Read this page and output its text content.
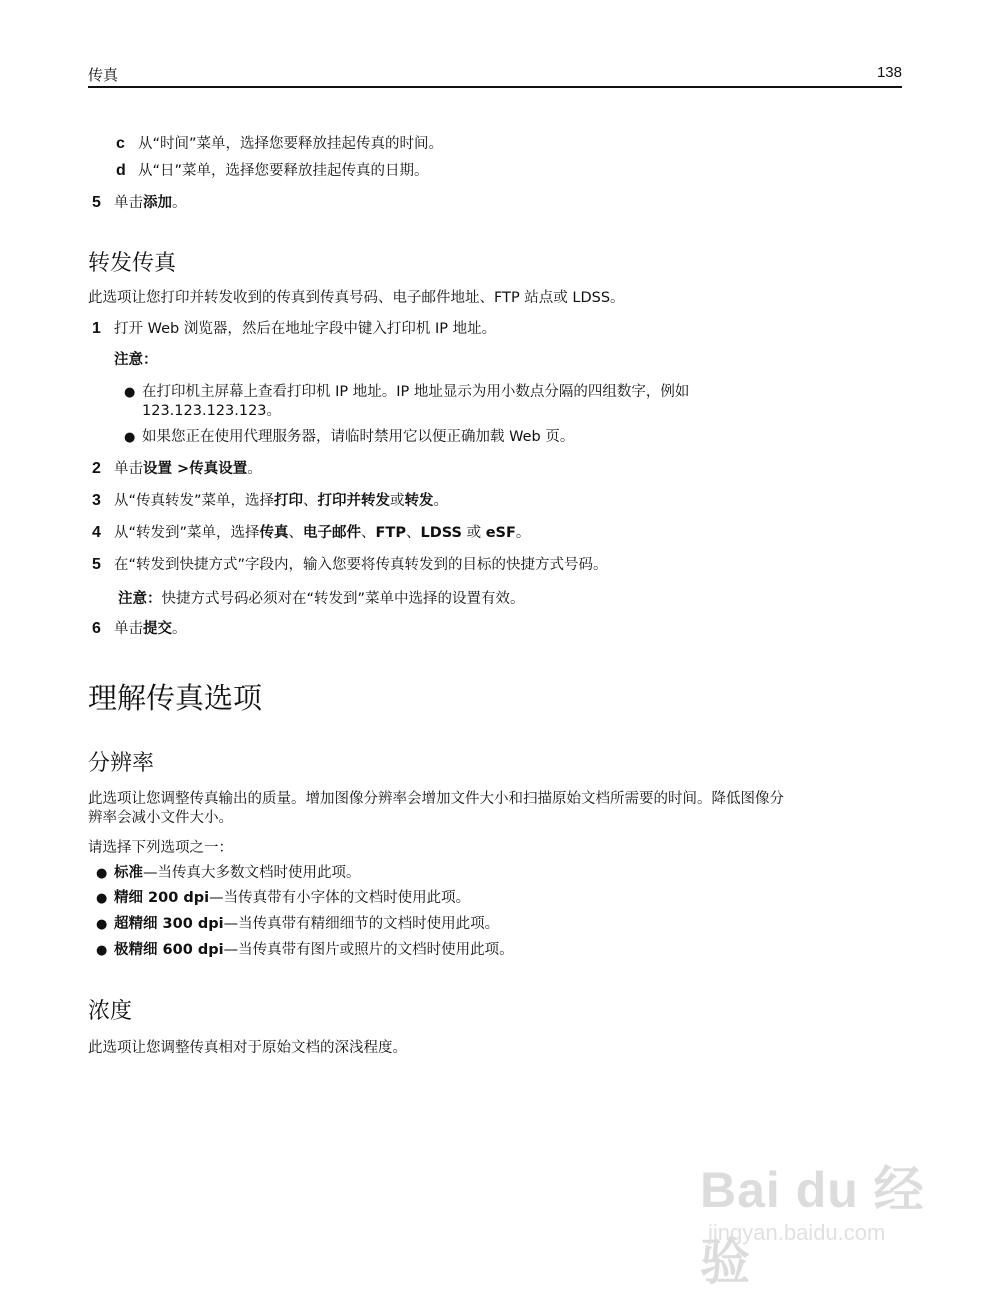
传真	138
c 从“时间”菜单，选择您要释放挂起传真的时间。
d 从“日”菜单，选择您要释放挂起传真的日期。
5 单击添加。
转发传真
此选项让您打印并转发收到的传真到传真号码、电子邮件地址、FTP 站点或 LDSS。
1 打开 Web 浏览器，然后在地址字段中键入打印机 IP 地址。
注意：
● 在打印机主屏幕上查看打印机 IP 地址。IP 地址显示为用小数点分隔的四组数字，例如
123.123.123.123。
● 如果您正在使用代理服务器，请临时禁用它以便正确加载 Web 页。
2 单击设置 >传真设置。
3 从“传真转发”菜单，选择打印、打印并转发或转发。
4 从“转发到”菜单，选择传真、电子邮件、FTP、LDSS 或 eSF。
5 在“转发到快捷方式”字段内，输入您要将传真转发到的目标的快捷方式号码。
注意：快捷方式号码必须对在“转发到”菜单中选择的设置有效。
6 单击提交。
理解传真选项
分辨率
此选项让您调整传真输出的质量。增加图像分辨率会增加文件大小和扫描原始文档所需要的时间。降低图像分
辨率会减小文件大小。
请选择下列选项之一：
● 标准—当传真大多数文档时使用此项。
● 精细 200 dpi—当传真带有小字体的文档时使用此项。
● 超精细 300 dpi—当传真带有精细细节的文档时使用此项。
● 极精细 600 dpi—当传真带有图片或照片的文档时使用此项。
浓度
此选项让您调整传真相对于原始文档的深浅程度。
Bai du 经验
jingyan.baidu.com
